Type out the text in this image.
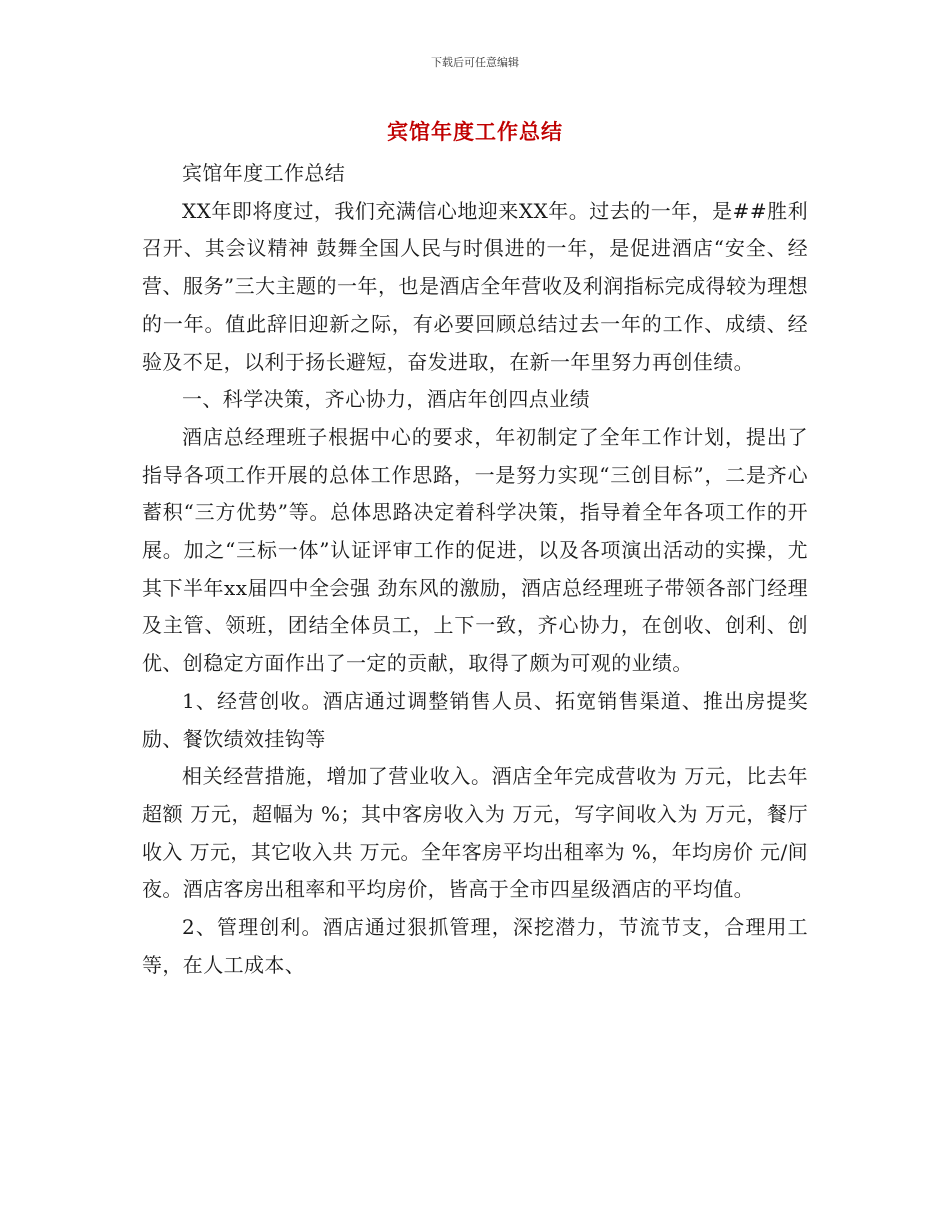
下载后可任意编辑
宾馆年度工作总结

宾馆年度工作总结

XX年即将度过，我们充满信心地迎来XX年。过去的一年，是##胜利召开、其会议精神 鼓舞全国人民与时俱进的一年，是促进酒店“安全、经营、服务”三大主题的一年，也是酒店全年营收及利润指标完成得较为理想的一年。值此辞旧迎新之际，有必要回顾总结过去一年的工作、成绩、经验及不足，以利于扬长避短，奋发进取，在新一年里努力再创佳绩。

一、科学决策，齐心协力，酒店年创四点业绩

酒店总经理班子根据中心的要求，年初制定了全年工作计划，提出了指导各项工作开展的总体工作思路，一是努力实现“三创目标”，二是齐心蓄积“三方优势”等。总体思路决定着科学决策，指导着全年各项工作的开展。加之“三标一体”认证评审工作的促进，以及各项演出活动的实操，尤其下半年xx届四中全会强 劲东风的激励，酒店总经理班子带领各部门经理及主管、领班，团结全体员工，上下一致，齐心协力，在创收、创利、创优、创稳定方面作出了一定的贡献，取得了颇为可观的业绩。

1、经营创收。酒店通过调整销售人员、拓宽销售渠道、推出房提奖励、餐饮绩效挂钩等

相关经营措施，增加了营业收入。酒店全年完成营收为 万元，比去年超额 万元，超幅为 %；其中客房收入为 万元，写字间收入为 万元，餐厅收入 万元，其它收入共 万元。全年客房平均出租率为 %，年均房价 元/间夜。酒店客房出租率和平均房价，皆高于全市四星级酒店的平均值。

2、管理创利。酒店通过狠抓管理，深挖潜力，节流节支，合理用工等，在人工成本、
